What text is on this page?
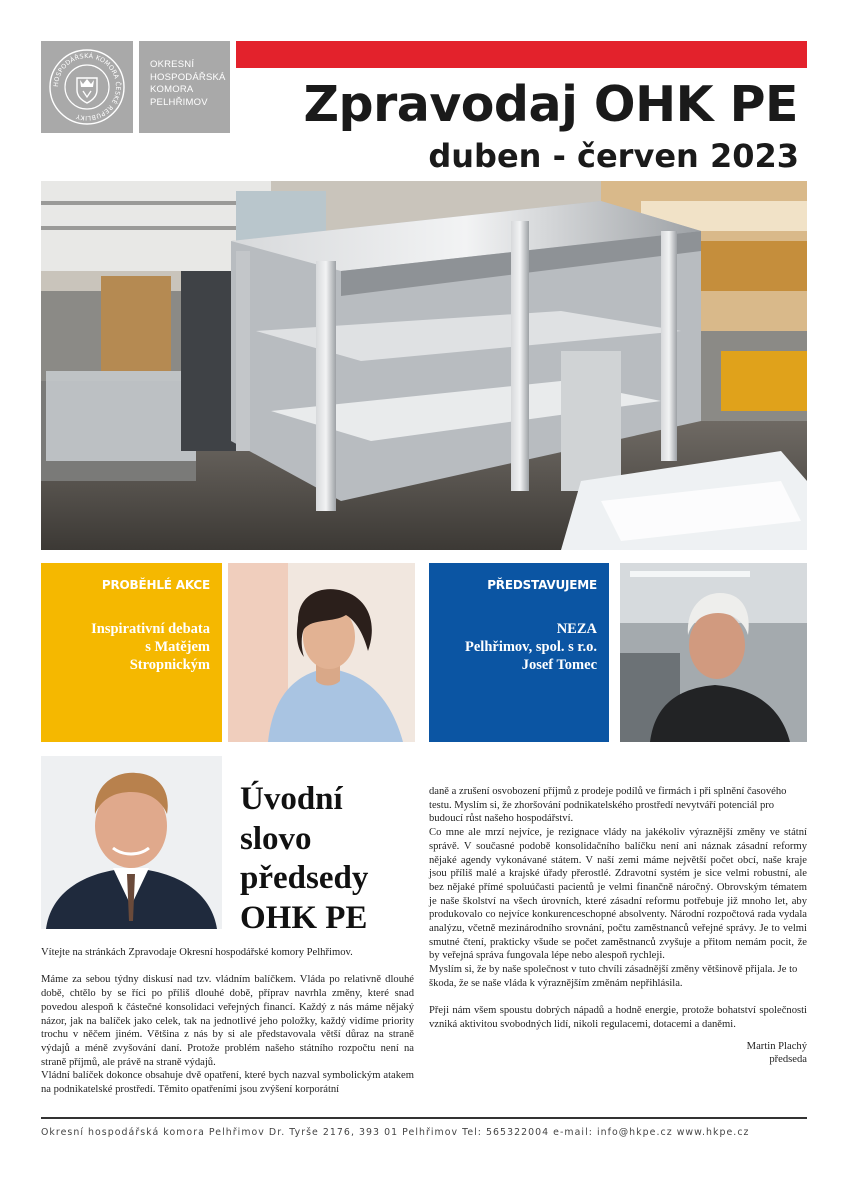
HOSPODÁŘSKÁ KOMORA ČESKÉ REPUBLIKY
OKRESNÍ
HOSPODÁŘSKÁ
KOMORA
PELHŘIMOV	Zpravodaj OHK PE
duben - červen 2023
PROBĚHLÉ AKCE
Inspirativní debata
s Matějem
Stropnickým
PŘEDSTAVUJEME
NEZA
Pelhřimov, spol. s r.o.
Josef Tomec
Úvodní
slovo
předsedy
OHK PE

Vítejte na stránkách Zpravodaje Okresní hospodářské komory Pelhřimov.

Máme za sebou týdny diskusí nad tzv. vládním balíčkem. Vláda po relativně dlouhé době, chtělo by se říci po příliš dlouhé době, příprav navrhla změny, které snad povedou alespoň k částečné konsolidaci veřejných financí. Každý z nás máme nějaký názor, jak na balíček jako celek, tak na jednotlivé jeho položky, každý vidíme priority trochu v něčem jiném. Většina z nás by si ale představovala větší důraz na straně výdajů a méně zvyšování daní. Protože problém našeho státního rozpočtu není na straně příjmů, ale právě na straně výdajů.

Vládní balíček dokonce obsahuje dvě opatření, které bych nazval symbolickým atakem na podnikatelské prostředí. Těmito opatřeními jsou zvýšení korporátní

daně a zrušení osvobození příjmů z prodeje podílů ve firmách i při splnění časového testu. Myslím si, že zhoršování podnikatelského prostředí nevytváří potenciál pro budoucí růst našeho hospodářství.

Co mne ale mrzí nejvíce, je rezignace vlády na jakékoliv výraznější změny ve státní správě. V současné podobě konsolidačního balíčku není ani náznak zásadní reformy nějaké agendy vykonávané státem. V naší zemi máme největší počet obcí, naše kraje jsou příliš malé a krajské úřady přerostlé. Zdravotní systém je sice velmi robustní, ale bez nějaké přímé spoluúčasti pacientů je velmi finančně náročný. Obrovským tématem je naše školství na všech úrovních, které zásadní reformu potřebuje již mnoho let, aby produkovalo co nejvíce konkurenceschopné absolventy. Národní rozpočtová rada vydala analýzu, včetně mezinárodního srovnání, počtu zaměstnanců veřejné správy. Je to velmi smutné čtení, prakticky všude se počet zaměstnanců zvyšuje a přitom nemám pocit, že by veřejná správa fungovala lépe nebo alespoň rychleji.

Myslím si, že by naše společnost v tuto chvíli zásadnější změny většinově přijala. Je to škoda, že se naše vláda k výraznějším změnám nepřihlásila.

Přeji nám všem spoustu dobrých nápadů a hodně energie, protože bohatství společnosti vzniká aktivitou svobodných lidí, nikoli regulacemi, dotacemi a daněmi.

Martin Plachý
předseda
Okresní hospodářská komora Pelhřimov Dr. Tyrše 2176, 393 01 Pelhřimov Tel: 565322004 e-mail: info@hkpe.cz www.hkpe.cz
